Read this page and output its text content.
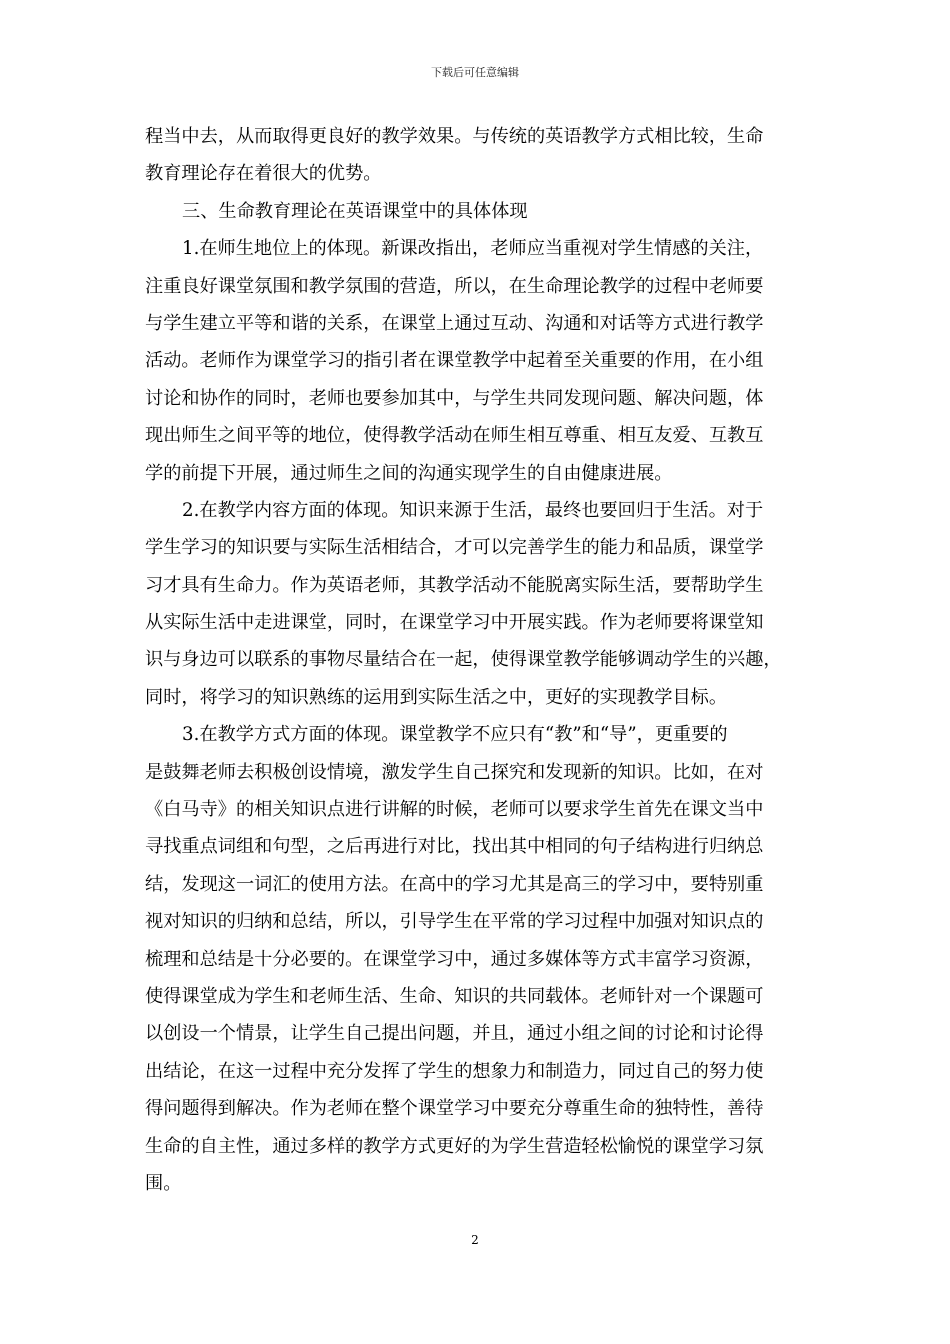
下载后可任意编辑
程当中去，从而取得更良好的教学效果。与传统的英语教学方式相比较，生命
教育理论存在着很大的优势。
三、生命教育理论在英语课堂中的具体体现
1.在师生地位上的体现。新课改指出，老师应当重视对学生情感的关注，
注重良好课堂氛围和教学氛围的营造，所以，在生命理论教学的过程中老师要
与学生建立平等和谐的关系，在课堂上通过互动、沟通和对话等方式进行教学
活动。老师作为课堂学习的指引者在课堂教学中起着至关重要的作用，在小组
讨论和协作的同时，老师也要参加其中，与学生共同发现问题、解决问题，体
现出师生之间平等的地位，使得教学活动在师生相互尊重、相互友爱、互教互
学的前提下开展，通过师生之间的沟通实现学生的自由健康进展。
2.在教学内容方面的体现。知识来源于生活，最终也要回归于生活。对于
学生学习的知识要与实际生活相结合，才可以完善学生的能力和品质，课堂学
习才具有生命力。作为英语老师，其教学活动不能脱离实际生活，要帮助学生
从实际生活中走进课堂，同时，在课堂学习中开展实践。作为老师要将课堂知
识与身边可以联系的事物尽量结合在一起，使得课堂教学能够调动学生的兴趣，
同时，将学习的知识熟练的运用到实际生活之中，更好的实现教学目标。
3.在教学方式方面的体现。课堂教学不应只有“教”和“导”，更重要的
是鼓舞老师去积极创设情境，激发学生自己探究和发现新的知识。比如，在对
《白马寺》的相关知识点进行讲解的时候，老师可以要求学生首先在课文当中
寻找重点词组和句型，之后再进行对比，找出其中相同的句子结构进行归纳总
结，发现这一词汇的使用方法。在高中的学习尤其是高三的学习中，要特别重
视对知识的归纳和总结，所以，引导学生在平常的学习过程中加强对知识点的
梳理和总结是十分必要的。在课堂学习中，通过多媒体等方式丰富学习资源，
使得课堂成为学生和老师生活、生命、知识的共同载体。老师针对一个课题可
以创设一个情景，让学生自己提出问题，并且，通过小组之间的讨论和讨论得
出结论，在这一过程中充分发挥了学生的想象力和制造力，同过自己的努力使
得问题得到解决。作为老师在整个课堂学习中要充分尊重生命的独特性，善待
生命的自主性，通过多样的教学方式更好的为学生营造轻松愉悦的课堂学习氛
围。
2
